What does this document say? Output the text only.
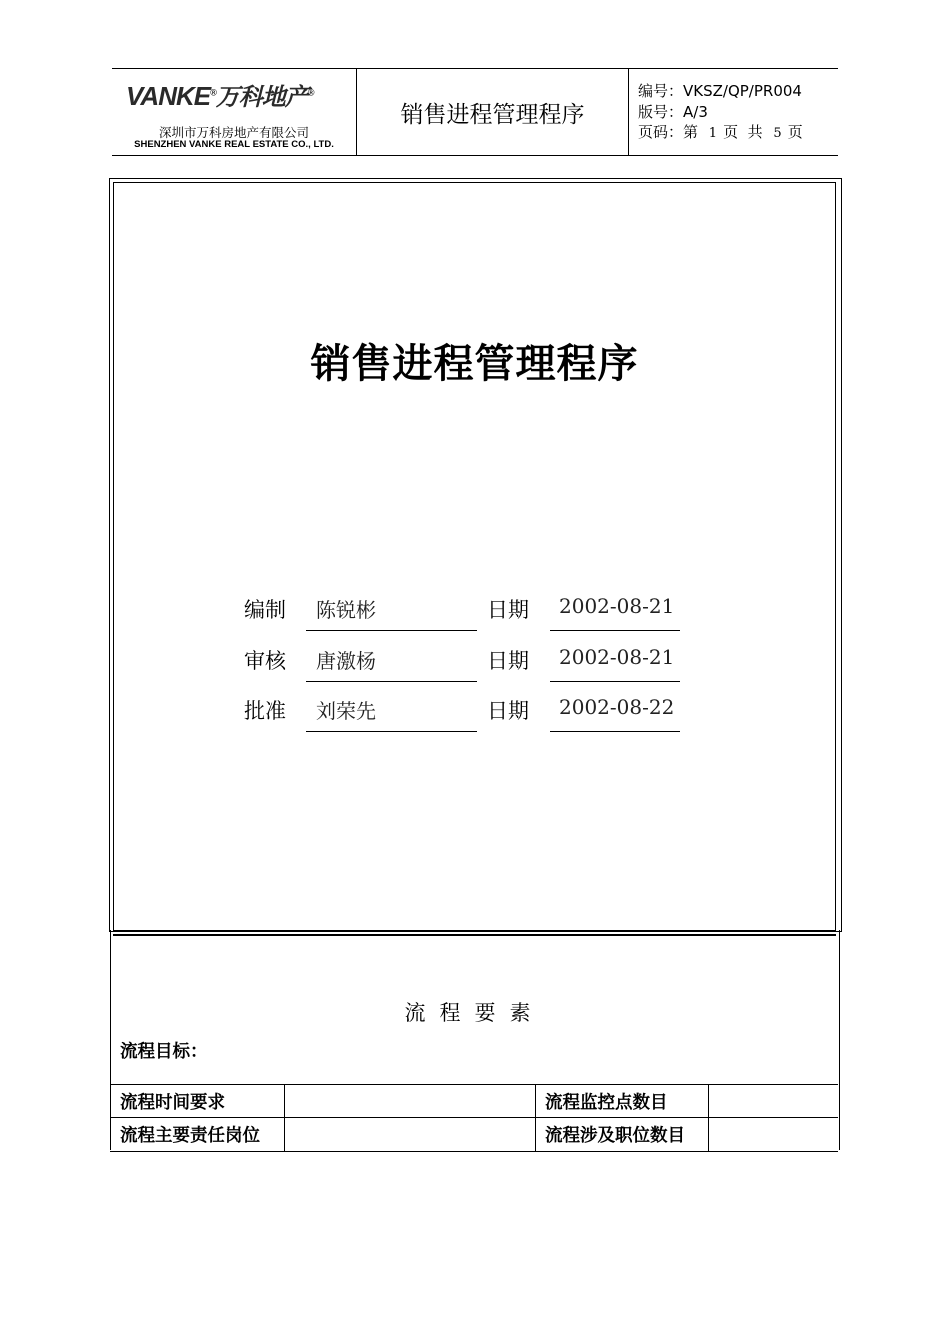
VANKE®万科地产®
深圳市万科房地产有限公司
SHENZHEN VANKE REAL ESTATE CO., LTD.
销售进程管理程序
编号：VKSZ/QP/PR004
版号：A/3
页码：第 1 页  共 5 页
销售进程管理程序
编制 陈锐彬	日期 2002-08-21
审核 唐激杨	日期 2002-08-21
批准 刘荣先	日期 2002-08-22
流程要素
流程目标：
流程时间要求	流程监控点数目
流程主要责任岗位	流程涉及职位数目
